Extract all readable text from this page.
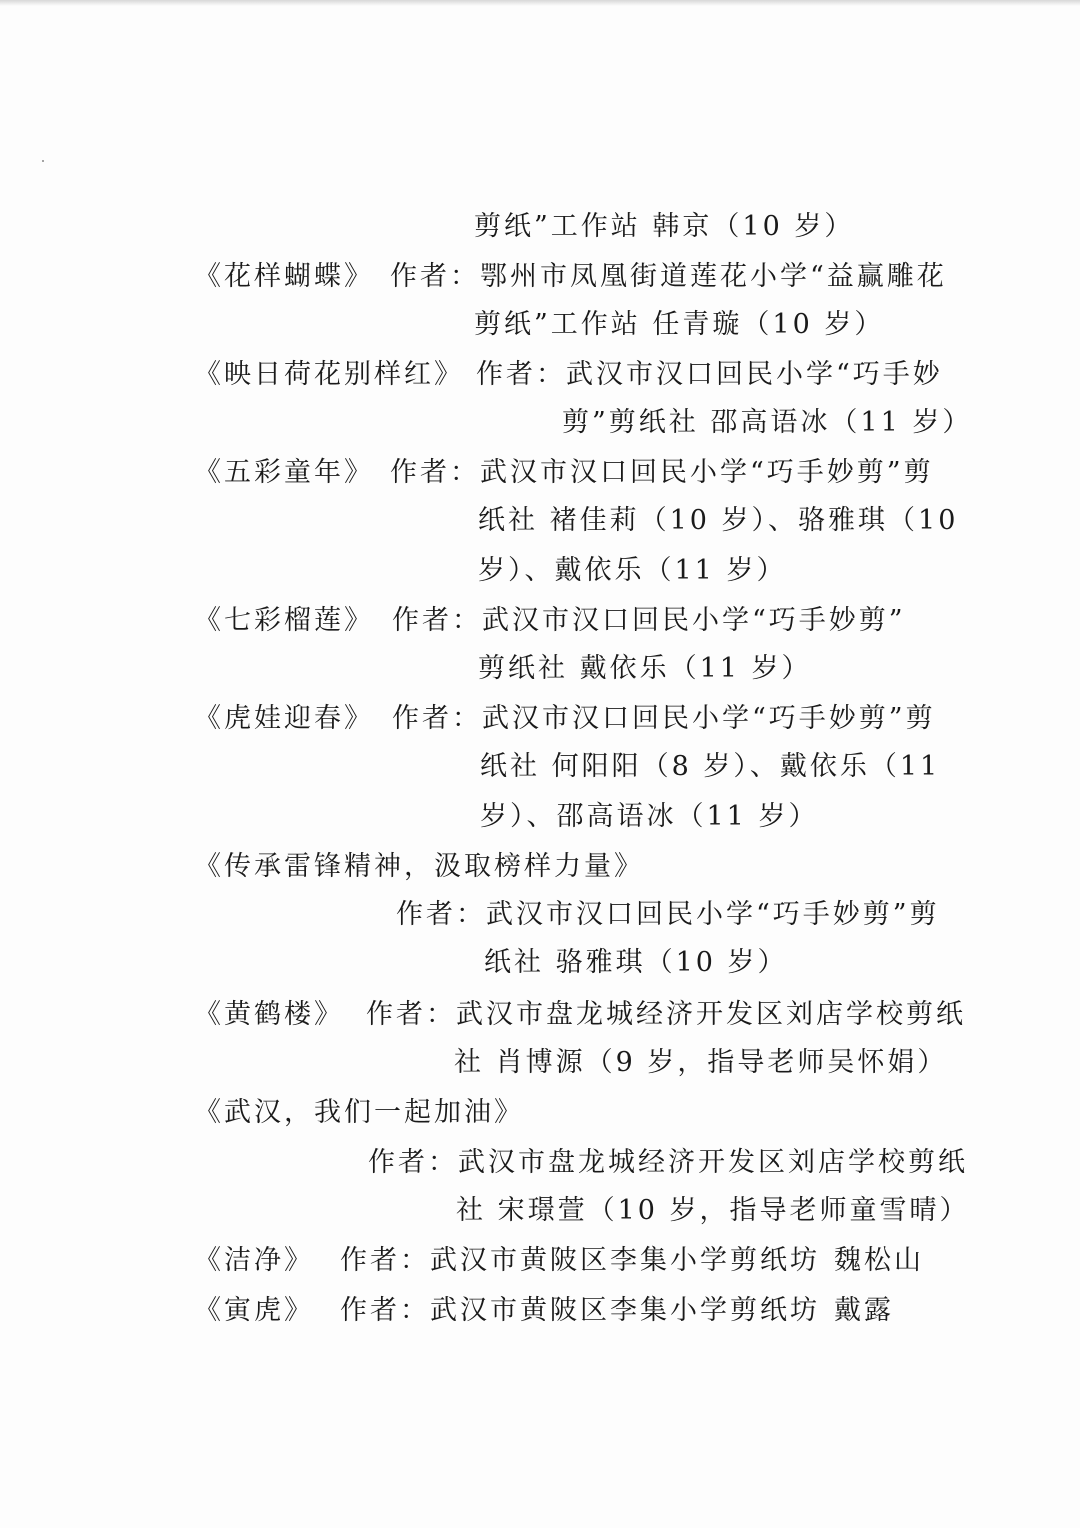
剪纸”工作站 韩京（10 岁）
《花样蝴蝶》 作者：鄂州市凤凰街道莲花小学“益赢雕花
剪纸”工作站 任青璇（10 岁）
《映日荷花别样红》 作者：武汉市汉口回民小学“巧手妙
剪”剪纸社 邵高语冰（11 岁）
《五彩童年》 作者：武汉市汉口回民小学“巧手妙剪”剪
纸社 褚佳莉（10 岁）、骆雅琪（10
岁）、戴依乐（11 岁）
《七彩榴莲》 作者：武汉市汉口回民小学“巧手妙剪”
剪纸社 戴依乐（11 岁）
《虎娃迎春》 作者：武汉市汉口回民小学“巧手妙剪”剪
纸社 何阳阳（8 岁）、戴依乐（11
岁）、邵高语冰（11 岁）
《传承雷锋精神，汲取榜样力量》
作者：武汉市汉口回民小学“巧手妙剪”剪
纸社 骆雅琪（10 岁）
《黄鹤楼》 作者：武汉市盘龙城经济开发区刘店学校剪纸
社 肖博源（9 岁，指导老师吴怀娟）
《武汉，我们一起加油》
作者：武汉市盘龙城经济开发区刘店学校剪纸
社 宋璟萱（10 岁，指导老师童雪晴）
《洁净》 作者：武汉市黄陂区李集小学剪纸坊 魏松山
《寅虎》 作者：武汉市黄陂区李集小学剪纸坊 戴露
